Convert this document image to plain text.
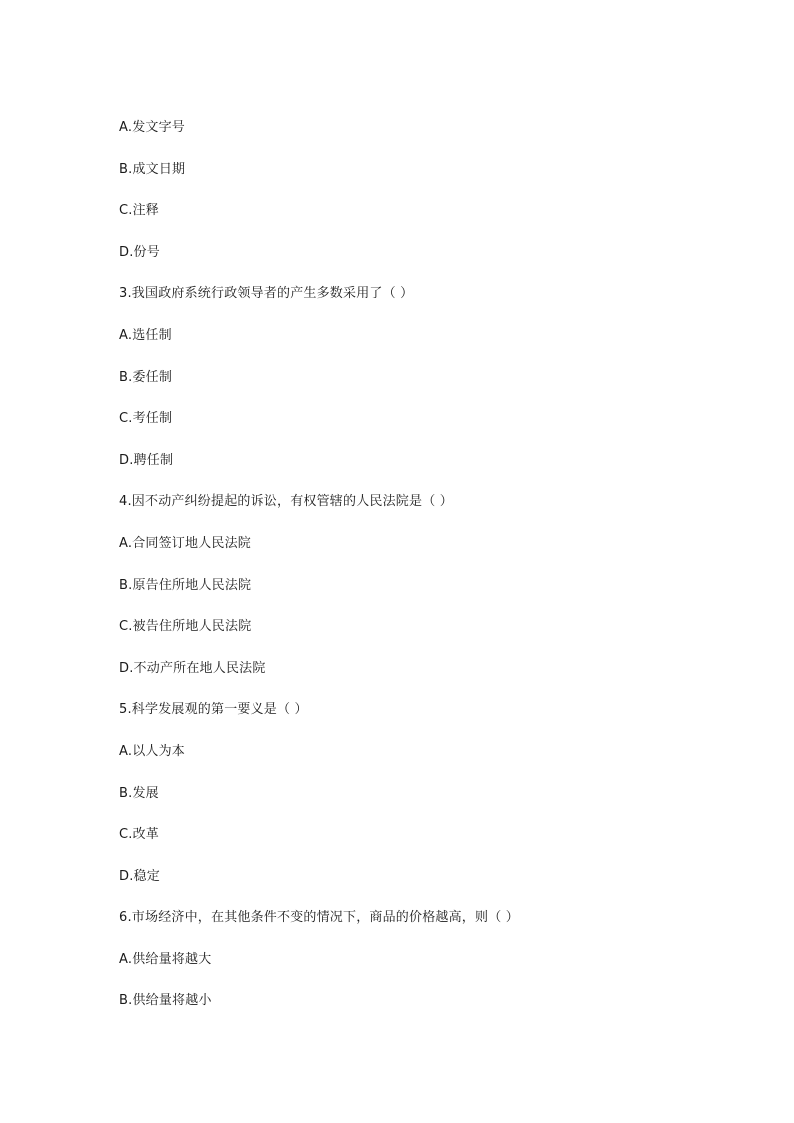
A.发文字号
B.成文日期
C.注释
D.份号
3.我国政府系统行政领导者的产生多数采用了（ ）
A.选任制
B.委任制
C.考任制
D.聘任制
4.因不动产纠纷提起的诉讼，有权管辖的人民法院是（ ）
A.合同签订地人民法院
B.原告住所地人民法院
C.被告住所地人民法院
D.不动产所在地人民法院
5.科学发展观的第一要义是（ ）
A.以人为本
B.发展
C.改革
D.稳定
6.市场经济中，在其他条件不变的情况下，商品的价格越高，则（ ）
A.供给量将越大
B.供给量将越小
